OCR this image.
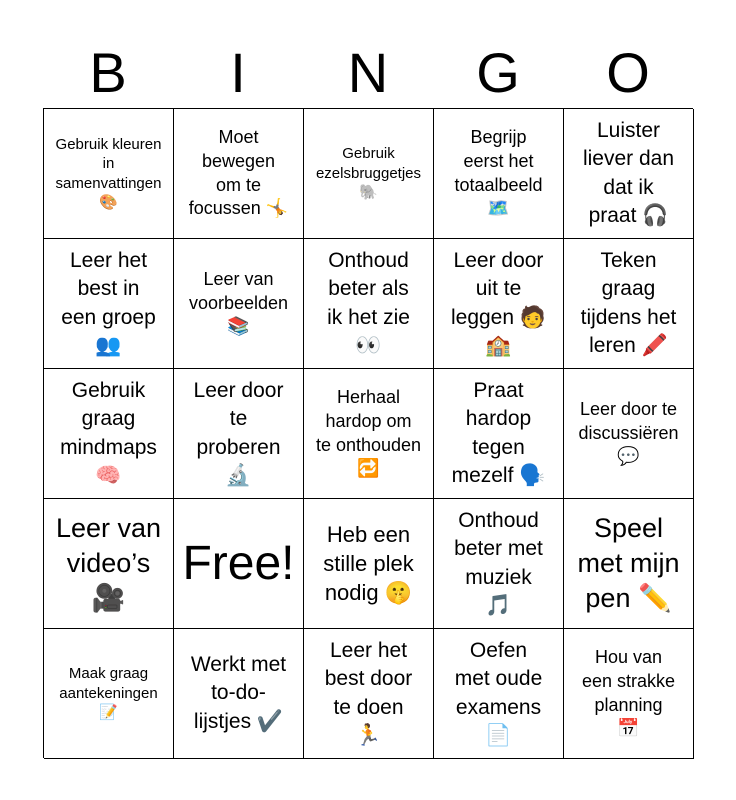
B	I	N	G	O
Gebruik kleuren
in
samenvattingen
🎨
Moet
bewegen
om te
focussen 🤸
Gebruik
ezelsbruggetjes
🐘
Begrijp
eerst het
totaalbeeld
🗺️
Luister
liever dan
dat ik
praat 🎧
Leer het
best in
een groep
👥
Leer van
voorbeelden
📚
Onthoud
beter als
ik het zie
👀
Leer door
uit te
leggen 🧑
🏫
Teken
graag
tijdens het
leren 🖍️
Gebruik
graag
mindmaps
🧠
Leer door
te
proberen
🔬
Herhaal
hardop om
te onthouden
🔁
Praat
hardop
tegen
mezelf 🗣️
Leer door te
discussiëren
💬
Leer van
video’s
🎥
Free!
Heb een
stille plek
nodig 🤫
Onthoud
beter met
muziek
🎵
Speel
met mijn
pen ✏️
Maak graag
aantekeningen
📝
Werkt met
to-do-
lijstjes ✔️
Leer het
best door
te doen
🏃
Oefen
met oude
examens
📄
Hou van
een strakke
planning
📅
